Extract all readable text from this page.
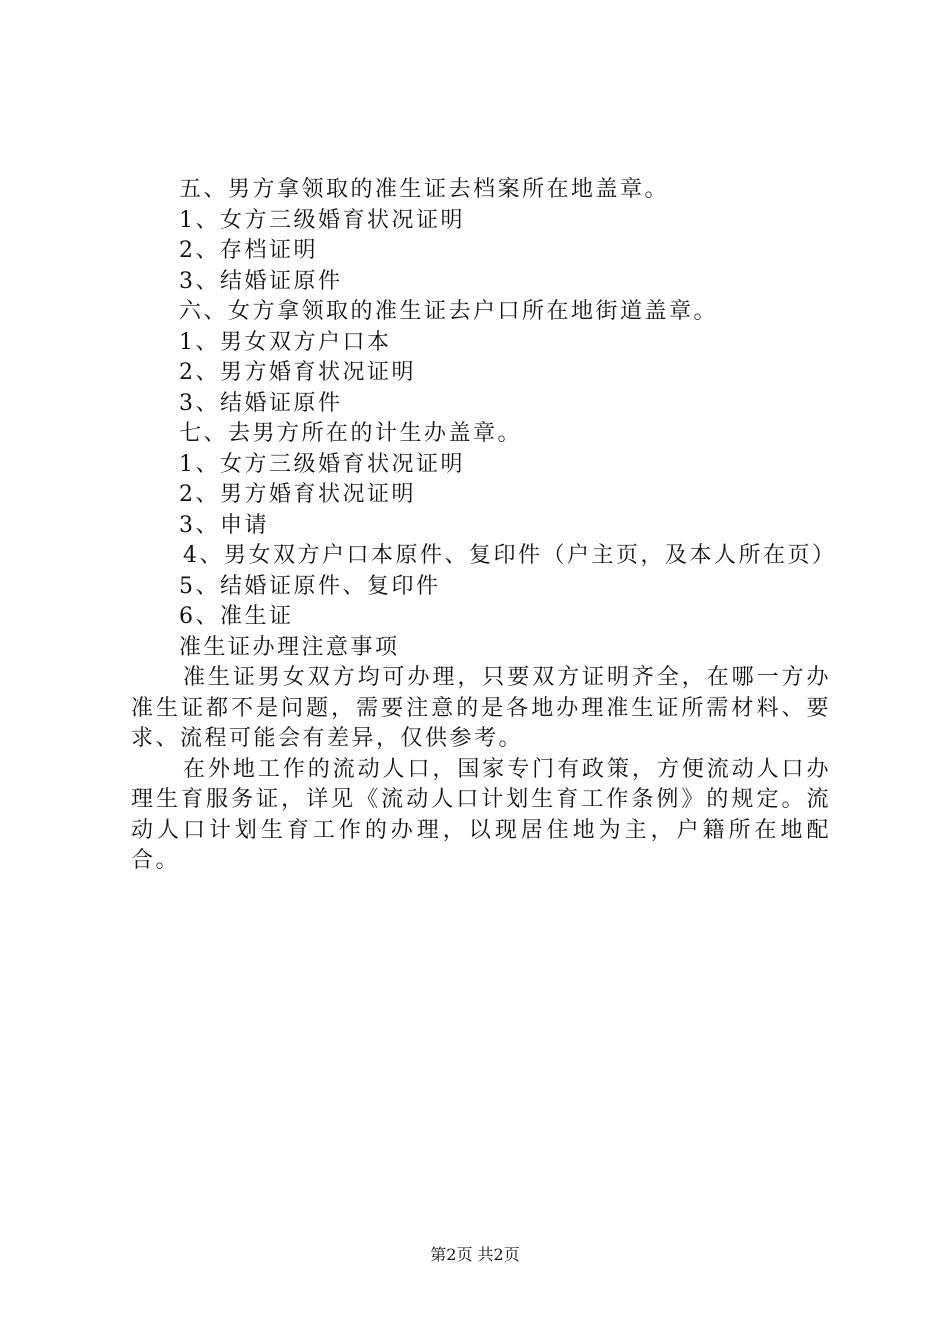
五、男方拿领取的准生证去档案所在地盖章。
1、女方三级婚育状况证明
2、存档证明
3、结婚证原件
六、女方拿领取的准生证去户口所在地街道盖章。
1、男女双方户口本
2、男方婚育状况证明
3、结婚证原件
七、去男方所在的计生办盖章。
1、女方三级婚育状况证明
2、男方婚育状况证明
3、申请
4、男女双方户口本原件、复印件（户主页，及本人所在页）
5、结婚证原件、复印件
6、准生证
准生证办理注意事项
准生证男女双方均可办理，只要双方证明齐全，在哪一方办准生证都不是问题，需要注意的是各地办理准生证所需材料、要求、流程可能会有差异，仅供参考。
在外地工作的流动人口，国家专门有政策，方便流动人口办理生育服务证，详见《流动人口计划生育工作条例》的规定。流动人口计划生育工作的办理，以现居住地为主，户籍所在地配合。
第2页 共2页
